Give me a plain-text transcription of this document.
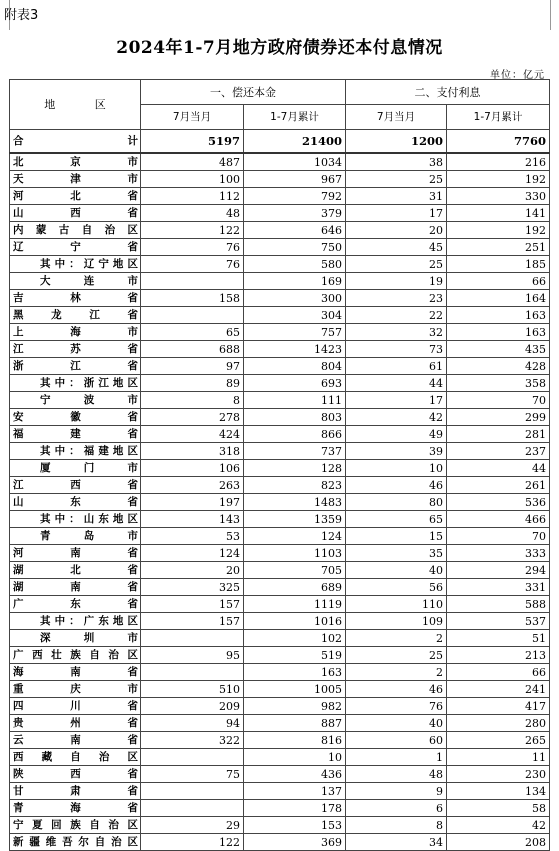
附表3
2024年1-7月地方政府债券还本付息情况
单位：亿元
地 区	一、偿还本金		二、支付利息	
	7月当月	1-7月累计	7月当月	1-7月累计
合计	5197	21400	1200	7760
北京市	487	1034	38	216
天津市	100	967	25	192
河北省	112	792	31	330
山西省	48	379	17	141
内蒙古自治区	122	646	20	192
辽宁省	76	750	45	251
其中：辽宁地区	76	580	25	185
大连市		169	19	66
吉林省	158	300	23	164
黑龙江省		304	22	163
上海市	65	757	32	163
江苏省	688	1423	73	435
浙江省	97	804	61	428
其中：浙江地区	89	693	44	358
宁波市	8	111	17	70
安徽省	278	803	42	299
福建省	424	866	49	281
其中：福建地区	318	737	39	237
厦门市	106	128	10	44
江西省	263	823	46	261
山东省	197	1483	80	536
其中：山东地区	143	1359	65	466
青岛市	53	124	15	70
河南省	124	1103	35	333
湖北省	20	705	40	294
湖南省	325	689	56	331
广东省	157	1119	110	588
其中：广东地区	157	1016	109	537
深圳市		102	2	51
广西壮族自治区	95	519	25	213
海南省		163	2	66
重庆市	510	1005	46	241
四川省	209	982	76	417
贵州省	94	887	40	280
云南省	322	816	60	265
西藏自治区		10	1	11
陕西省	75	436	48	230
甘肃省		137	9	134
青海省		178	6	58
宁夏回族自治区	29	153	8	42
新疆维吾尔自治区	122	369	34	208
